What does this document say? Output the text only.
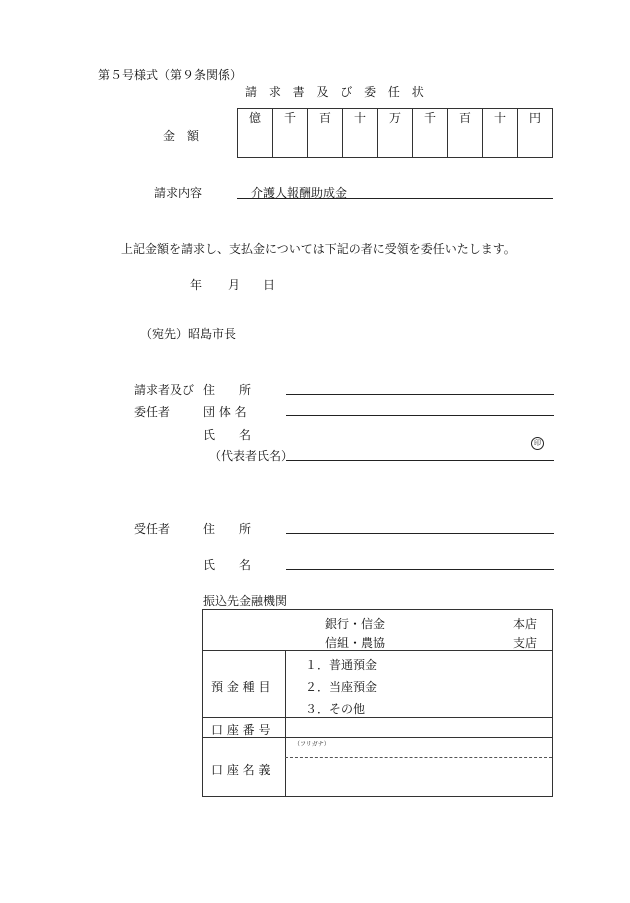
第５号様式（第９条関係）
請 求 書 及 び 委 任 状
金　額
億	千	百	十	万	千	百	十	円
請求内容	介護人報酬助成金
上記金額を請求し、支払金については下記の者に受領を委任いたします。
年 月 日
（宛先）昭島市長
請求者及び
委任者
住　　所
団 体 名
氏　　名
（代表者氏名）
印
受任者	住　　所
氏　　名
振込先金融機関
銀行・信金	本店
信組・農協	支店
預 金 種 目
１．普通預金
２．当座預金
３．その他
口 座 番 号
（フリガナ）
口 座 名 義
